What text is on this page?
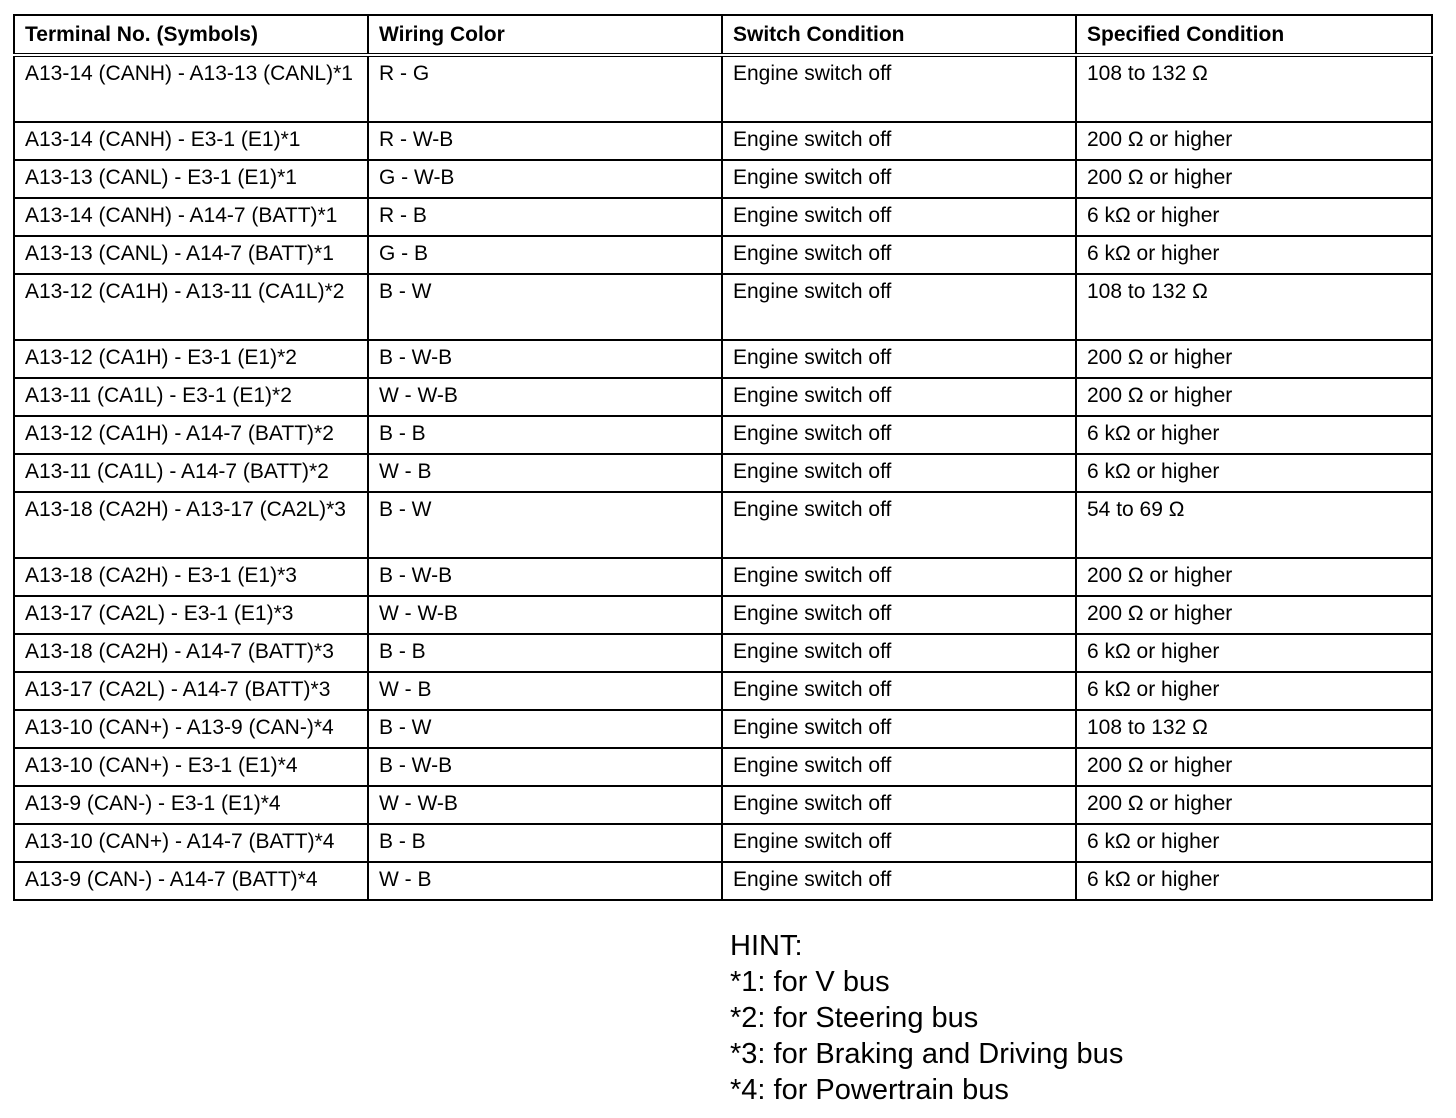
Terminal No. (Symbols)	Wiring Color	Switch Condition	Specified Condition
A13-14 (CANH) - A13-13 (CANL)*1	R - G	Engine switch off	108 to 132 Ω
A13-14 (CANH) - E3-1 (E1)*1	R - W-B	Engine switch off	200 Ω or higher
A13-13 (CANL) - E3-1 (E1)*1	G - W-B	Engine switch off	200 Ω or higher
A13-14 (CANH) - A14-7 (BATT)*1	R - B	Engine switch off	6 kΩ or higher
A13-13 (CANL) - A14-7 (BATT)*1	G - B	Engine switch off	6 kΩ or higher
A13-12 (CA1H) - A13-11 (CA1L)*2	B - W	Engine switch off	108 to 132 Ω
A13-12 (CA1H) - E3-1 (E1)*2	B - W-B	Engine switch off	200 Ω or higher
A13-11 (CA1L) - E3-1 (E1)*2	W - W-B	Engine switch off	200 Ω or higher
A13-12 (CA1H) - A14-7 (BATT)*2	B - B	Engine switch off	6 kΩ or higher
A13-11 (CA1L) - A14-7 (BATT)*2	W - B	Engine switch off	6 kΩ or higher
A13-18 (CA2H) - A13-17 (CA2L)*3	B - W	Engine switch off	54 to 69 Ω
A13-18 (CA2H) - E3-1 (E1)*3	B - W-B	Engine switch off	200 Ω or higher
A13-17 (CA2L) - E3-1 (E1)*3	W - W-B	Engine switch off	200 Ω or higher
A13-18 (CA2H) - A14-7 (BATT)*3	B - B	Engine switch off	6 kΩ or higher
A13-17 (CA2L) - A14-7 (BATT)*3	W - B	Engine switch off	6 kΩ or higher
A13-10 (CAN+) - A13-9 (CAN-)*4	B - W	Engine switch off	108 to 132 Ω
A13-10 (CAN+) - E3-1 (E1)*4	B - W-B	Engine switch off	200 Ω or higher
A13-9 (CAN-) - E3-1 (E1)*4	W - W-B	Engine switch off	200 Ω or higher
A13-10 (CAN+) - A14-7 (BATT)*4	B - B	Engine switch off	6 kΩ or higher
A13-9 (CAN-) - A14-7 (BATT)*4	W - B	Engine switch off	6 kΩ or higher
HINT:
*1: for V bus
*2: for Steering bus
*3: for Braking and Driving bus
*4: for Powertrain bus
